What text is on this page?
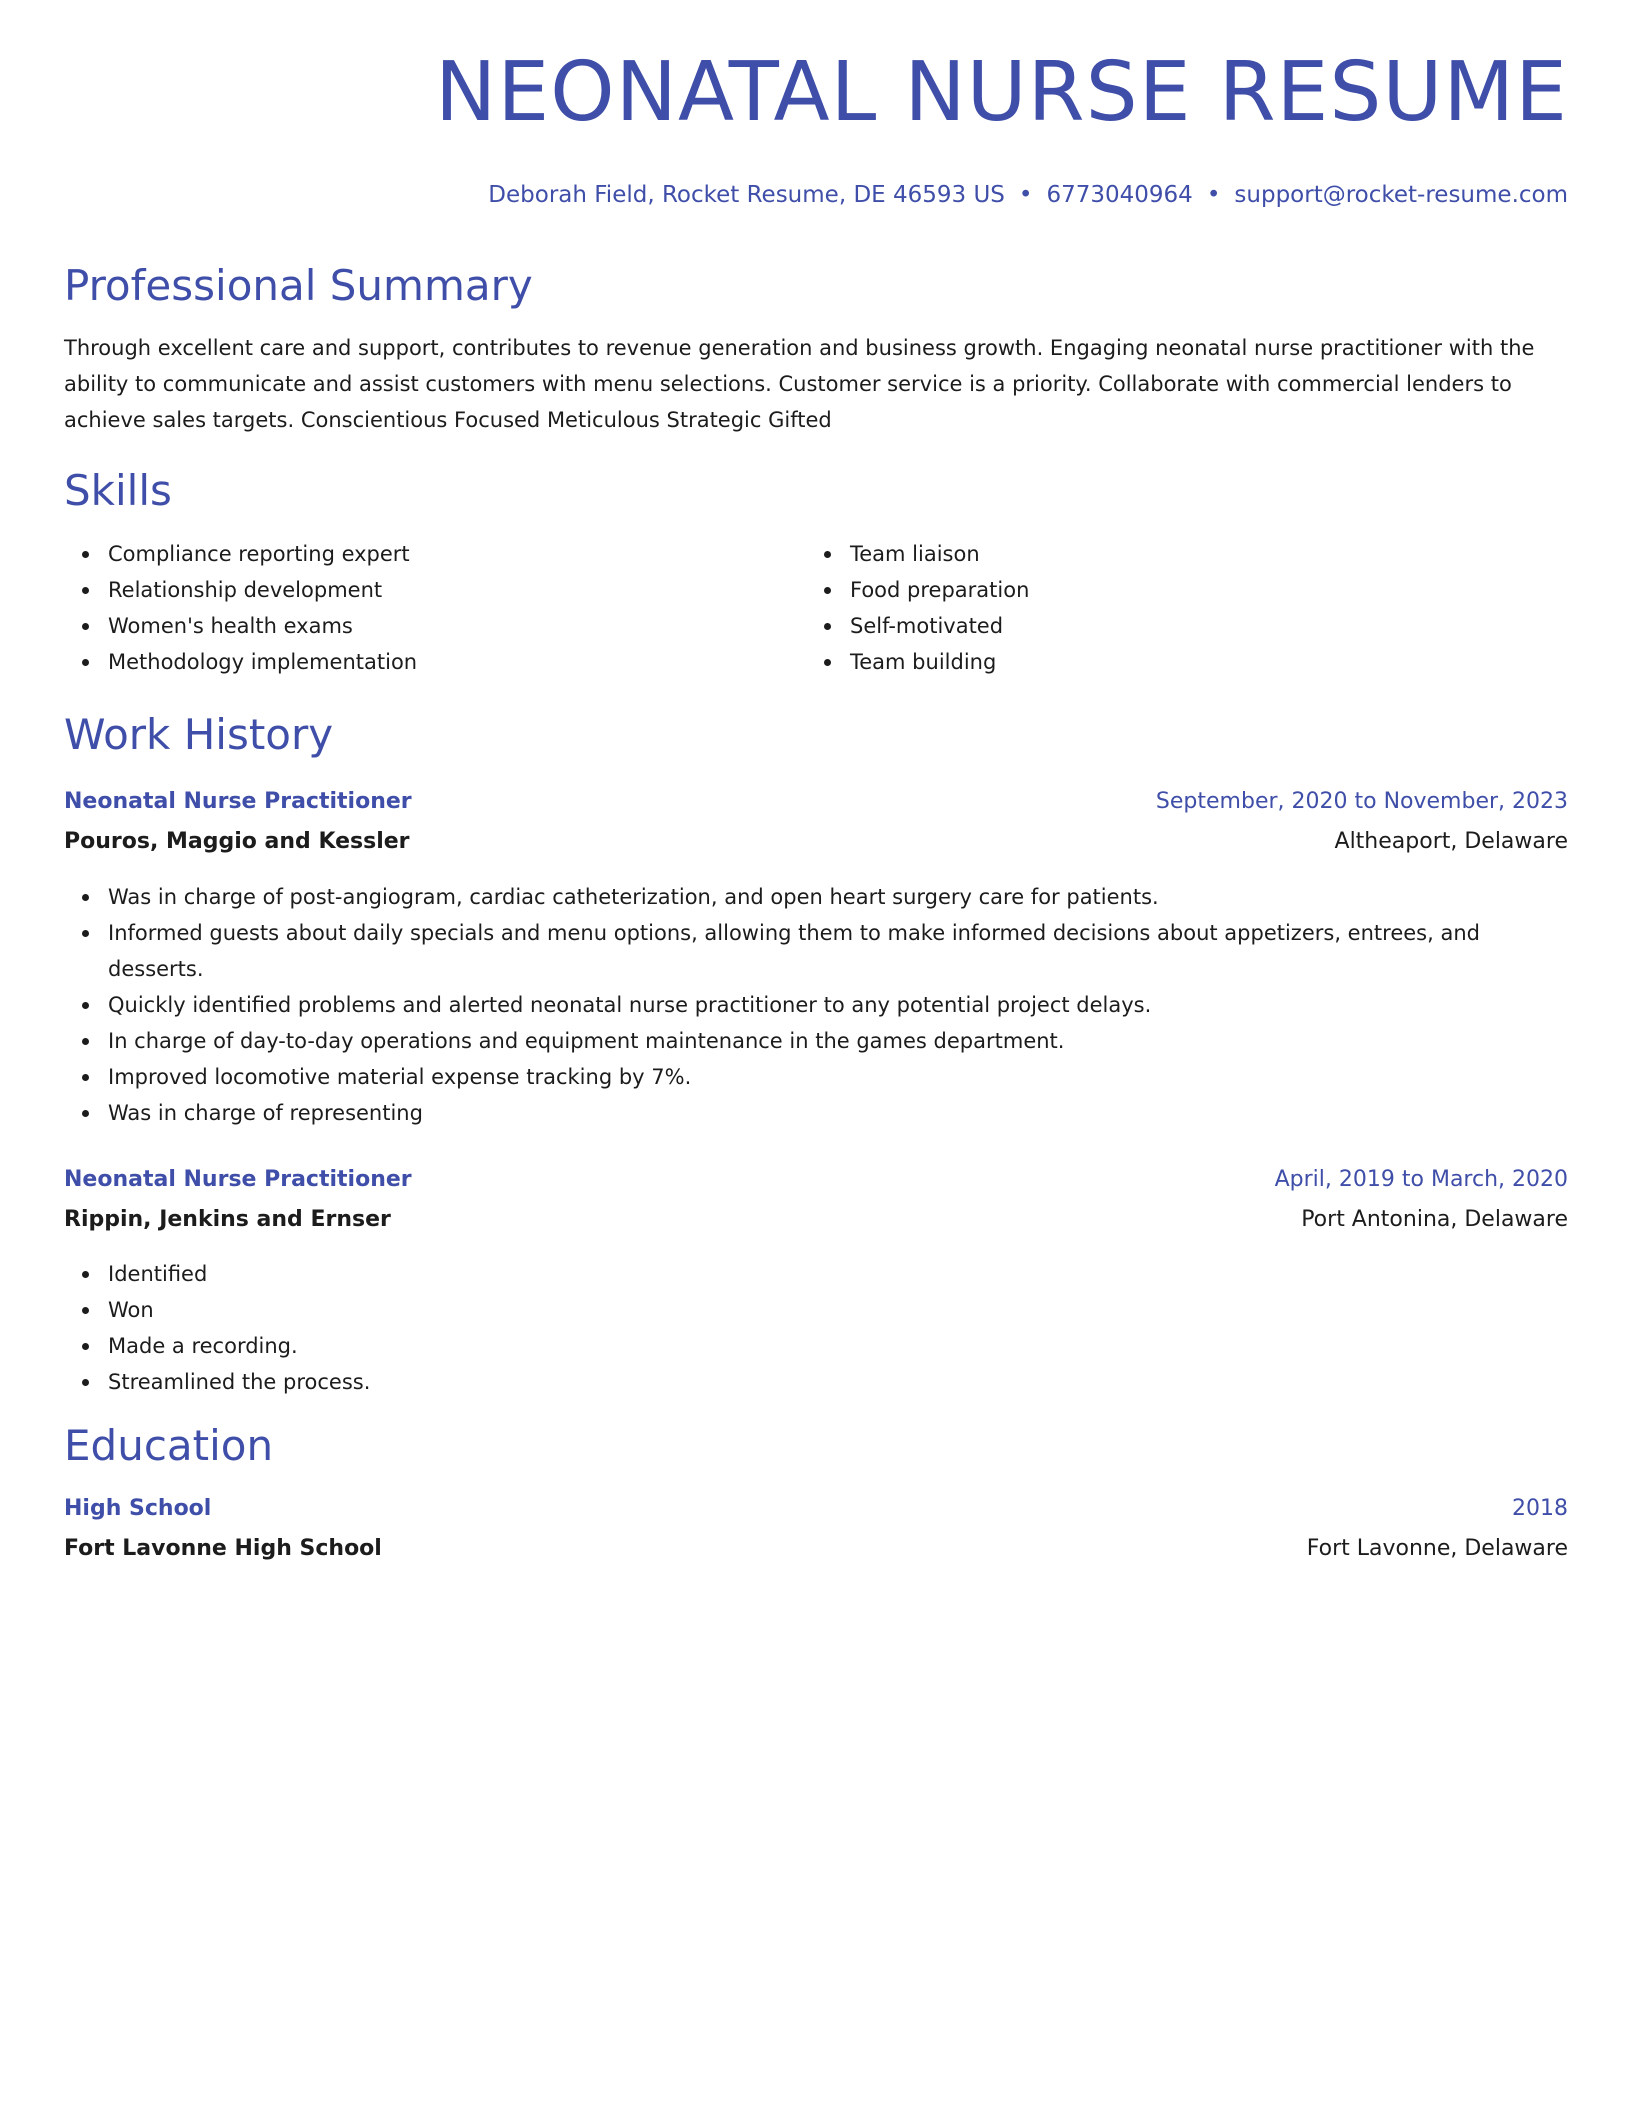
NEONATAL NURSE RESUME
Deborah Field, Rocket Resume, DE 46593 US • 6773040964 • support@rocket-resume.com
Professional Summary

Through excellent care and support, contributes to revenue generation and business growth. Engaging neonatal nurse practitioner with the ability to communicate and assist customers with menu selections. Customer service is a priority. Collaborate with commercial lenders to achieve sales targets. Conscientious Focused Meticulous Strategic Gifted

Skills
Compliance reporting expert
Relationship development
Women's health exams
Methodology implementation
Team liaison
Food preparation
Self-motivated
Team building
Work History
Neonatal Nurse Practitioner	September, 2020 to November, 2023
Pouros, Maggio and Kessler	Altheaport, Delaware
Was in charge of post-angiogram, cardiac catheterization, and open heart surgery care for patients.
Informed guests about daily specials and menu options, allowing them to make informed decisions about appetizers, entrees, and desserts.
Quickly identified problems and alerted neonatal nurse practitioner to any potential project delays.
In charge of day-to-day operations and equipment maintenance in the games department.
Improved locomotive material expense tracking by 7%.
Was in charge of representing
Neonatal Nurse Practitioner	April, 2019 to March, 2020
Rippin, Jenkins and Ernser	Port Antonina, Delaware
Identified
Won
Made a recording.
Streamlined the process.
Education
High School	2018
Fort Lavonne High School	Fort Lavonne, Delaware
